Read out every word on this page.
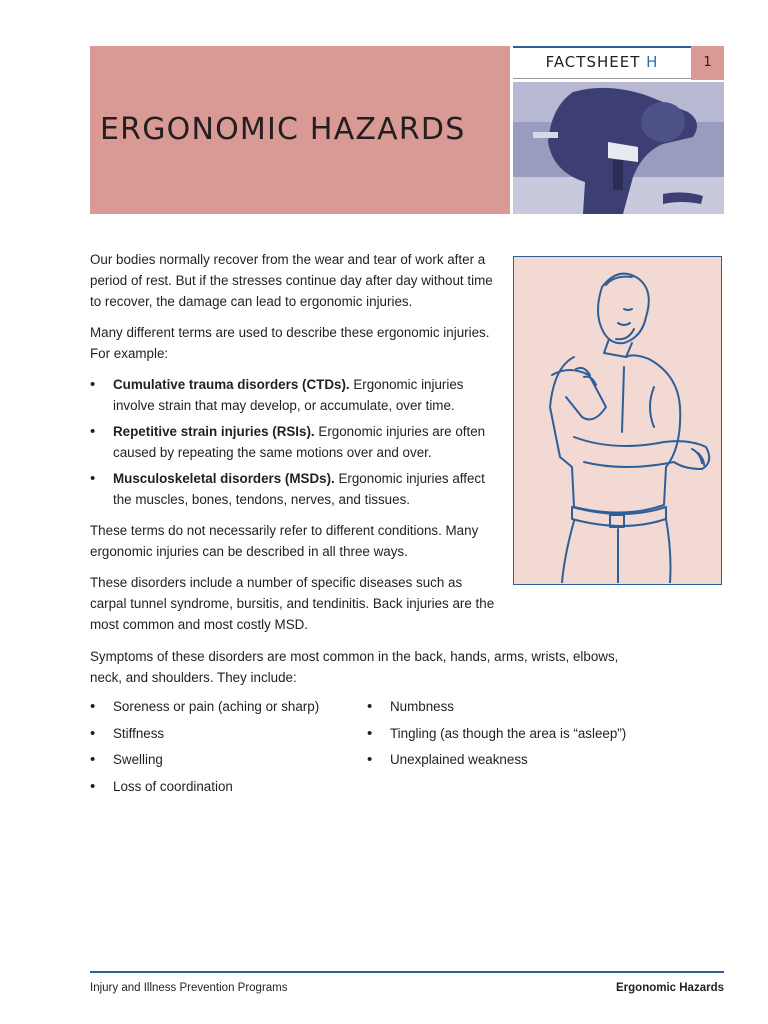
ERGONOMIC HAZARDS
FACTSHEET H	1

Our bodies normally recover from the wear and tear of work after a period of rest. But if the stresses continue day after day without time to recover, the damage can lead to ergonomic injuries.

Many different terms are used to describe these ergonomic injuries. For example:

• Cumulative trauma disorders (CTDs). Ergonomic injuries involve strain that may develop, or accumulate, over time.
• Repetitive strain injuries (RSIs). Ergonomic injuries are often caused by repeating the same motions over and over.
• Musculoskeletal disorders (MSDs). Ergonomic injuries affect the muscles, bones, tendons, nerves, and tissues.

These terms do not necessarily refer to different conditions. Many ergonomic injuries can be described in all three ways.

These disorders include a number of specific diseases such as carpal tunnel syndrome, bursitis, and tendinitis. Back injuries are the most common and most costly MSD.

Symptoms of these disorders are most common in the back, hands, arms, wrists, elbows, neck, and shoulders. They include:

• Soreness or pain (aching or sharp)
• Stiffness
• Swelling
• Loss of coordination
• Numbness
• Tingling (as though the area is “asleep”)
• Unexplained weakness
Injury and Illness Prevention Programs	Ergonomic Hazards
